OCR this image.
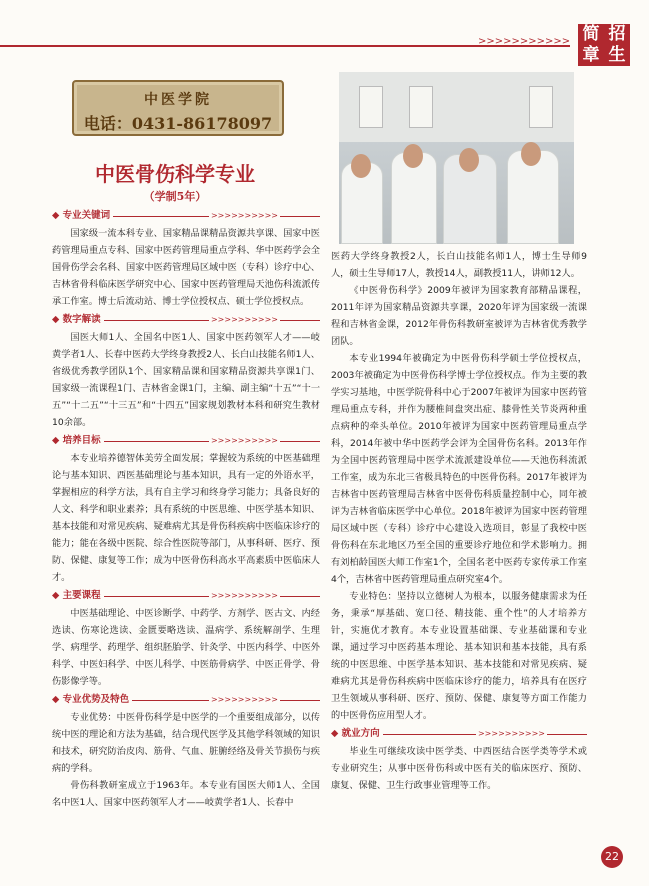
>>>>>>>>>>> 简 招
章 生
中医学院
电话：0431-86178097
中医骨伤科学专业
（学制5年）
◆ 专业关键词	>>>>>>>>>>

国家级一流本科专业、国家精品课精品资源共享课、国家中医药管理局重点专科、国家中医药管理局重点学科、华中医药学会全国骨伤学会名科、国家中医药管理局区域中医（专科）诊疗中心、吉林省骨科临床医学研究中心、国家中医药管理局天池伤科流派传承工作室。博士后流动站、博士学位授权点、硕士学位授权点。

◆ 数字解读	>>>>>>>>>>

国医大师1人、全国名中医1人、国家中医药领军人才——岐黄学者1人、长春中医药大学终身教授2人、长白山技能名师1人、省级优秀教学团队1个、国家精品课和国家精品资源共享课1门、国家级一流课程1门、吉林省金课1门，主编、副主编“十五”“十一五”“十二五”“十三五”和“十四五”国家规划教材本科和研究生教材10余部。

◆ 培养目标	>>>>>>>>>>

本专业培养德智体美劳全面发展；掌握较为系统的中医基础理论与基本知识、西医基础理论与基本知识，具有一定的外语水平，掌握相应的科学方法，具有自主学习和终身学习能力；具备良好的人文、科学和职业素养；具有系统的中医思维、中医学基本知识、基本技能和对常见疾病、疑难病尤其是骨伤科疾病中医临床诊疗的能力；能在各级中医院、综合性医院等部门，从事科研、医疗、预防、保健、康复等工作；成为中医骨伤科高水平高素质中医临床人才。

◆ 主要课程	>>>>>>>>>>

中医基础理论、中医诊断学、中药学、方剂学、医古文、内经选读、伤寒论选读、金匮要略选读、温病学、系统解剖学、生理学、病理学、药理学、组织胚胎学、针灸学、中医内科学、中医外科学、中医妇科学、中医儿科学、中医筋骨病学、中医正骨学、骨伤影像学等。

◆ 专业优势及特色	>>>>>>>>>>

专业优势：中医骨伤科学是中医学的一个重要组成部分，以传统中医的理论和方法为基础，结合现代医学及其他学科领域的知识和技术，研究防治皮肉、筋骨、气血、脏腑经络及骨关节损伤与疾病的学科。

骨伤科教研室成立于1963年。本专业有国医大师1人、全国名中医1人、国家中医药领军人才——岐黄学者1人、长春中

医药大学终身教授2人，长白山技能名师1人，博士生导师9人，硕士生导师17人，教授14人，副教授11人，讲师12人。

《中医骨伤科学》2009年被评为国家教育部精品课程，2011年评为国家精品资源共享课，2020年评为国家级一流课程和吉林省金课，2012年骨伤科教研室被评为吉林省优秀教学团队。

本专业1994年被确定为中医骨伤科学硕士学位授权点，2003年被确定为中医骨伤科学博士学位授权点。作为主要的教学实习基地，中医学院骨科中心于2007年被评为国家中医药管理局重点专科，并作为腰椎间盘突出症、膝骨性关节炎两种重点病种的牵头单位。2010年被评为国家中医药管理局重点学科，2014年被中华中医药学会评为全国骨伤名科。2013年作为全国中医药管理局中医学术流派建设单位——天池伤科流派工作室，成为东北三省极具特色的中医骨伤科。2017年被评为吉林省中医药管理局吉林省中医骨伤科质量控制中心，同年被评为吉林省临床医学中心单位。2018年被评为国家中医药管理局区域中医（专科）诊疗中心建设入选项目，彰显了我校中医骨伤科在东北地区乃至全国的重要诊疗地位和学术影响力。拥有刘柏龄国医大师工作室1个，全国名老中医药专家传承工作室4个，吉林省中医药管理局重点研究室4个。

专业特色：坚持以立德树人为根本，以服务健康需求为任务，秉承“厚基础、宽口径、精技能、重个性”的人才培养方针，实施优才教育。本专业设置基础课、专业基础课和专业课，通过学习中医药基本理论、基本知识和基本技能，具有系统的中医思维、中医学基本知识、基本技能和对常见疾病、疑难病尤其是骨伤科疾病中医临床诊疗的能力，培养具有在医疗卫生领域从事科研、医疗、预防、保健、康复等方面工作能力的中医骨伤应用型人才。

◆ 就业方向	>>>>>>>>>>

毕业生可继续攻读中医学类、中西医结合医学类等学术或专业研究生；从事中医骨伤科或中医有关的临床医疗、预防、康复、保健、卫生行政事业管理等工作。

22
